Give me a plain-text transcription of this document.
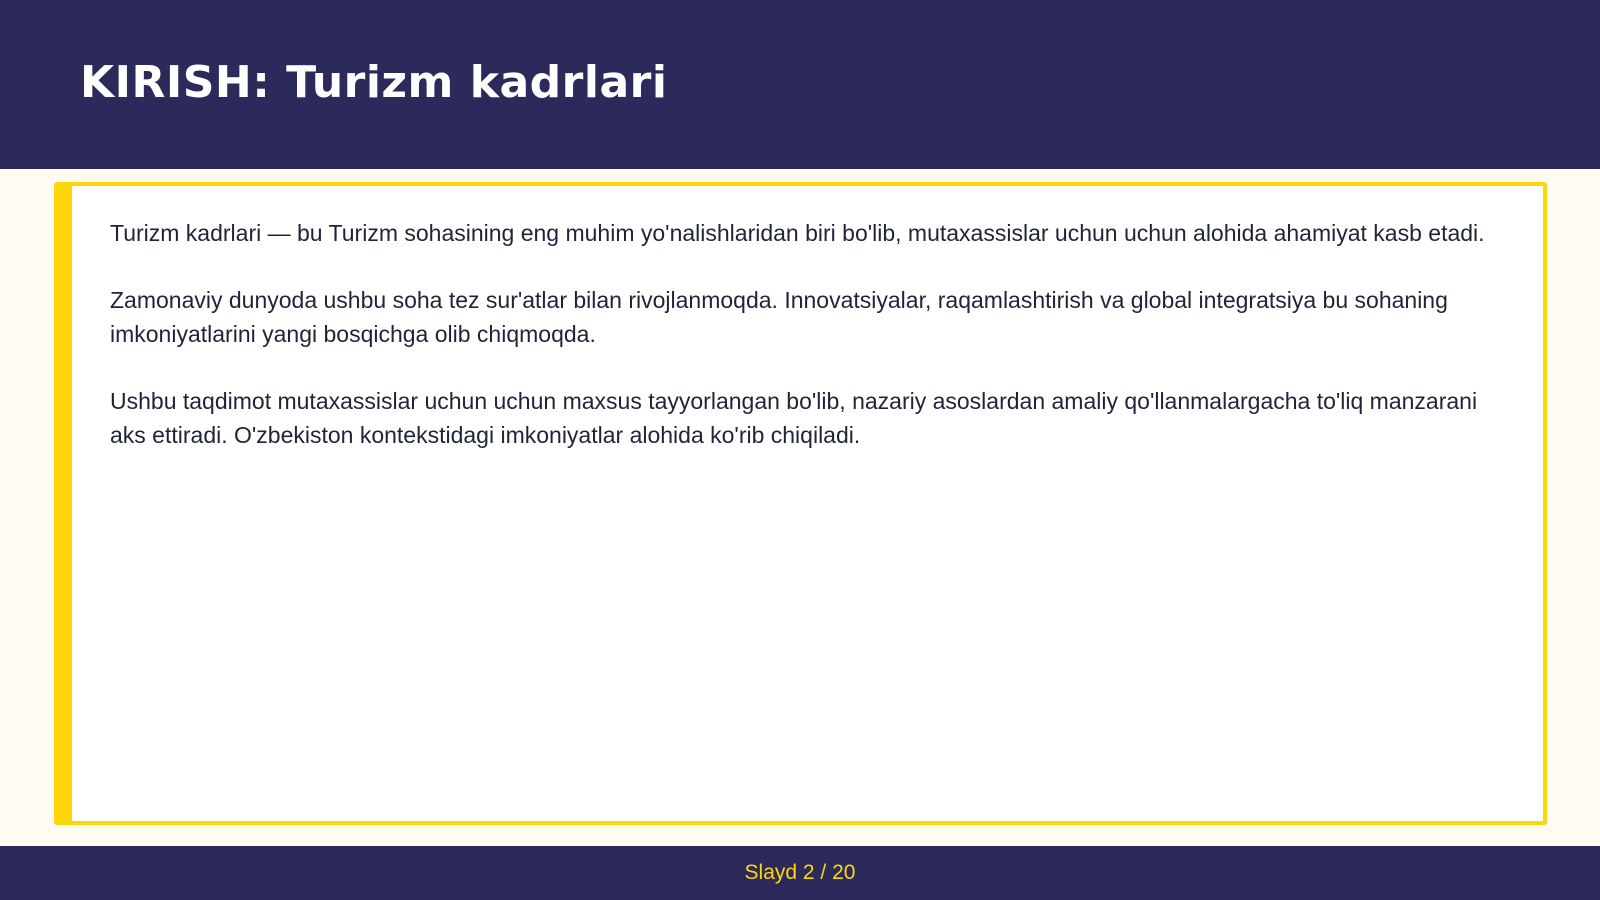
KIRISH: Turizm kadrlari

Turizm kadrlari — bu Turizm sohasining eng muhim yo'nalishlaridan biri bo'lib, mutaxassislar uchun uchun alohida ahamiyat kasb etadi.

Zamonaviy dunyoda ushbu soha tez sur'atlar bilan rivojlanmoqda. Innovatsiyalar, raqamlashtirish va global integratsiya bu sohaning imkoniyatlarini yangi bosqichga olib chiqmoqda.

Ushbu taqdimot mutaxassislar uchun uchun maxsus tayyorlangan bo'lib, nazariy asoslardan amaliy qo'llanmalargacha to'liq manzarani aks ettiradi. O'zbekiston kontekstidagi imkoniyatlar alohida ko'rib chiqiladi.

Slayd 2 / 20
